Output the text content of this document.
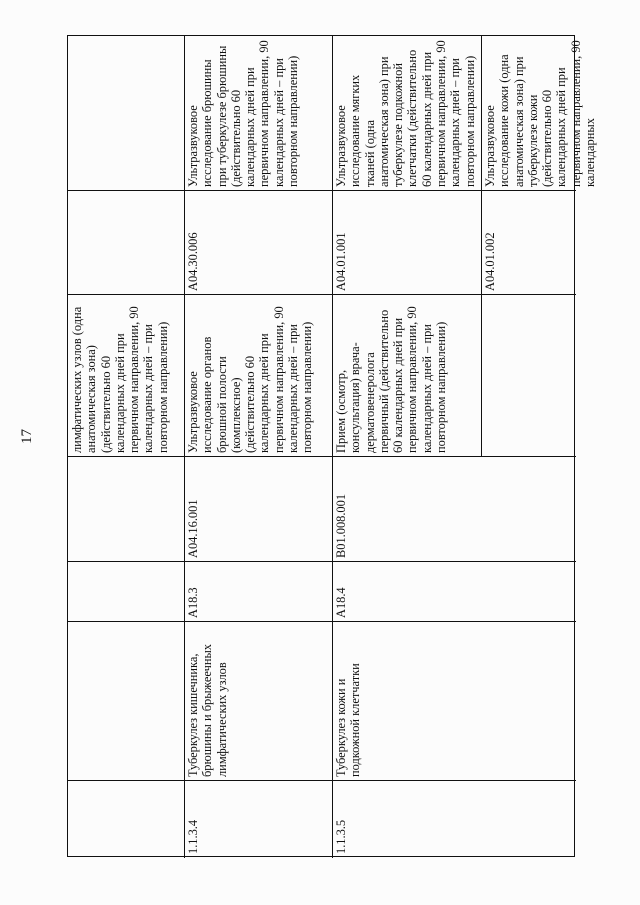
17	лимфатических узлов (одна анатомическая зона) (действительно 60 календарных дней при первичном направлении, 90 календарных дней – при повторном направлении)
1.1.3.4
Туберкулез кишечника, брюшины и брыжеечных лимфатических узлов
A18.3
A04.16.001
Ультразвуковое исследование органов брюшной полости (комплексное) (действительно 60 календарных дней при первичном направлении, 90 календарных дней – при повторном направлении)
A04.30.006
Ультразвуковое исследование брюшины при туберкулезе брюшины (действительно 60 календарных дней при первичном направлении, 90 календарных дней – при повторном направлении)
1.1.3.5
Туберкулез кожи и подкожной клетчатки
A18.4
B01.008.001
Прием (осмотр, консультация) врача-дерматовенеролога первичный (действительно 60 календарных дней при первичном направлении, 90 календарных дней – при повторном направлении)
A04.01.001
Ультразвуковое исследование мягких тканей (одна анатомическая зона) при туберкулезе подкожной клетчатки (действительно 60 календарных дней при первичном направлении, 90 календарных дней – при повторном направлении)
A04.01.002
Ультразвуковое исследование кожи (одна анатомическая зона) при туберкулезе кожи (действительно 60 календарных дней при первичном направлении, 90 календарных
